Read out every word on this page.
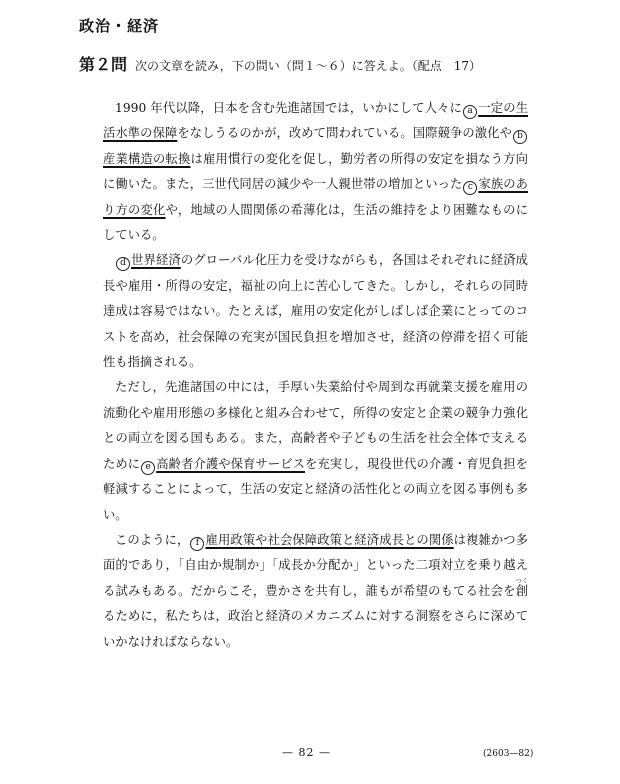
政治・経済
第２問 次の文章を読み，下の問い（問１～６）に答えよ。（配点　17）

1990 年代以降，日本を含む先進諸国では，いかにして人々に a 一定の生活水準の保障をなしうるのかが，改めて問われている。国際競争の激化や b産業構造の転換は雇用慣行の変化を促し，勤労者の所得の安定を損なう方向に働いた。また，三世代同居の減少や一人親世帯の増加といった c 家族のあり方の変化や，地域の人間関係の希薄化は，生活の維持をより困難なものにしている。

d 世界経済のグローバル化圧力を受けながらも，各国はそれぞれに経済成長や雇用・所得の安定，福祉の向上に苦心してきた。しかし，それらの同時達成は容易ではない。たとえば，雇用の安定化がしばしば企業にとってのコストを高め，社会保障の充実が国民負担を増加させ，経済の停滞を招く可能性も指摘される。

ただし，先進諸国の中には，手厚い失業給付や周到な再就業支援を雇用の流動化や雇用形態の多様化と組み合わせて，所得の安定と企業の競争力強化との両立を図る国もある。また，高齢者や子どもの生活を社会全体で支えるために e 高齢者介護や保育サービスを充実し，現役世代の介護・育児負担を軽減することによって，生活の安定と経済の活性化との両立を図る事例も多い。

このように， f 雇用政策や社会保障政策と経済成長との関係は複雑かつ多面的であり，「自由か規制か」「成長か分配か」といった二項対立を乗り越える試みもある。だからこそ，豊かさを共有し，誰もが希望のもてる社会を創つくるために，私たちは，政治と経済のメカニズムに対する洞察をさらに深めていかなければならない。

— 82 —	(2603—82)
